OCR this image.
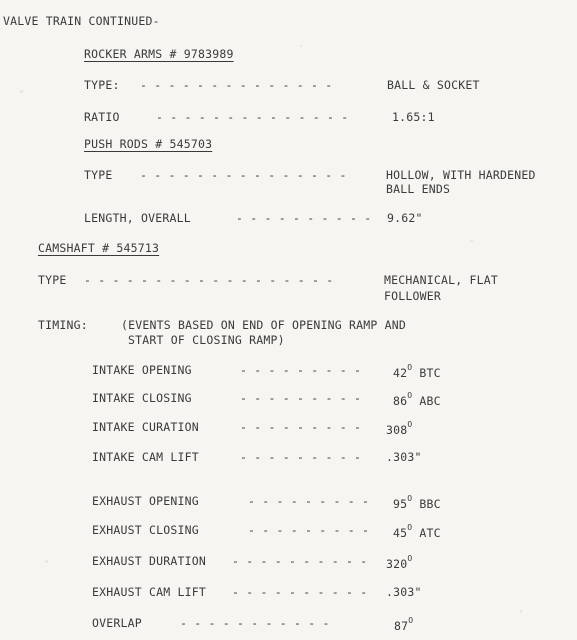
VALVE TRAIN CONTINUED-
ROCKER ARMS # 9783989
TYPE: - - - - - - - - - - - - - -	BALL & SOCKET
RATIO	- - - - - - - - - - - - - -	1.65:1
PUSH RODS # 545703
TYPE - - - - - - - - - - - - - - -	HOLLOW, WITH HARDENED
BALL ENDS
LENGTH, OVERALL	- - - - - - - - - - 9.62"
CAMSHAFT # 545713
TYPE - - - - - - - - - - - - - - - - - -	MECHANICAL, FLAT
FOLLOWER
TIMING:	(EVENTS BASED ON END OF OPENING RAMP AND
START OF CLOSING RAMP)
INTAKE OPENING	- - - - - - - - -	$42^O$ BTC
INTAKE CLOSING	- - - - - - - - -	$86^O$ ABC
INTAKE CURATION	- - - - - - - - - $308^O$
INTAKE CAM LIFT	- - - - - - - - - .303"
EXHAUST OPENING	- - - - - - - - - $95^O$ BBC
EXHAUST CLOSING	- - - - - - - - - $45^O$ ATC
EXHAUST DURATION - - - - - - - - - - $320^O$
EXHAUST CAM LIFT - - - - - - - - - - .303"
OVERLAP	- - - - - - - - - - -	$87^O$
